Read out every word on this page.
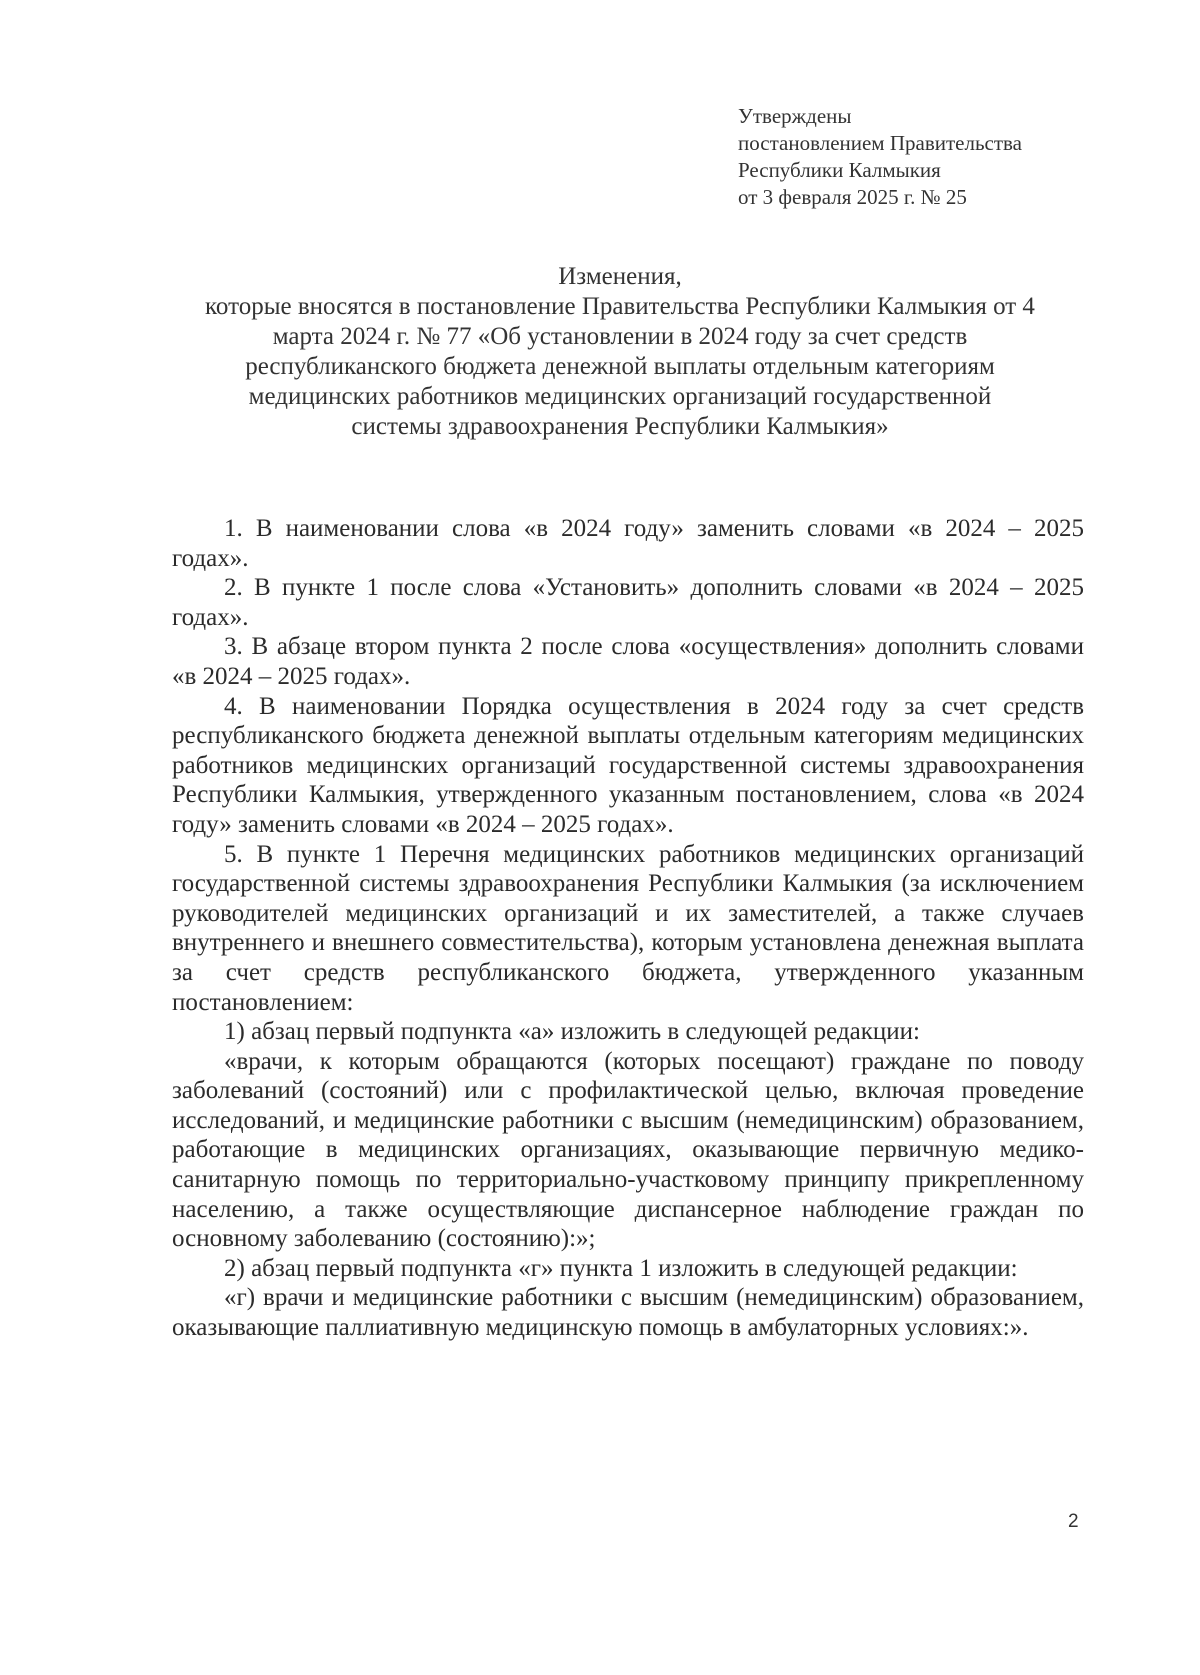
Утверждены
постановлением Правительства
Республики Калмыкия
от 3 февраля 2025 г. № 25
Изменения,
которые вносятся в постановление Правительства Республики Калмыкия от 4
марта 2024 г. № 77 «Об установлении в 2024 году за счет средств
республиканского бюджета денежной выплаты отдельным категориям
медицинских работников медицинских организаций государственной
системы здравоохранения Республики Калмыкия»

1. В наименовании слова «в 2024 году» заменить словами «в 2024 – 2025 годах».

2. В пункте 1 после слова «Установить» дополнить словами «в 2024 – 2025 годах».

3. В абзаце втором пункта 2 после слова «осуществления» дополнить словами «в 2024 – 2025 годах».

4. В наименовании Порядка осуществления в 2024 году за счет средств республиканского бюджета денежной выплаты отдельным категориям медицинских работников медицинских организаций государственной системы здравоохранения Республики Калмыкия, утвержденного указанным постановлением, слова «в 2024 году» заменить словами «в 2024 – 2025 годах».

5. В пункте 1 Перечня медицинских работников медицинских организаций государственной системы здравоохранения Республики Калмыкия (за исключением руководителей медицинских организаций и их заместителей, а также случаев внутреннего и внешнего совместительства), которым установлена денежная выплата за счет средств республиканского бюджета, утвержденного указанным постановлением:

1) абзац первый подпункта «а» изложить в следующей редакции:

«врачи, к которым обращаются (которых посещают) граждане по поводу заболеваний (состояний) или с профилактической целью, включая проведение исследований, и медицинские работники с высшим (немедицинским) образованием, работающие в медицинских организациях, оказывающие первичную медико-санитарную помощь по территориально-участковому принципу прикрепленному населению, а также осуществляющие диспансерное наблюдение граждан по основному заболеванию (состоянию):»;

2) абзац первый подпункта «г» пункта 1 изложить в следующей редакции:

«г) врачи и медицинские работники с высшим (немедицинским) образованием, оказывающие паллиативную медицинскую помощь в амбулаторных условиях:».

2
